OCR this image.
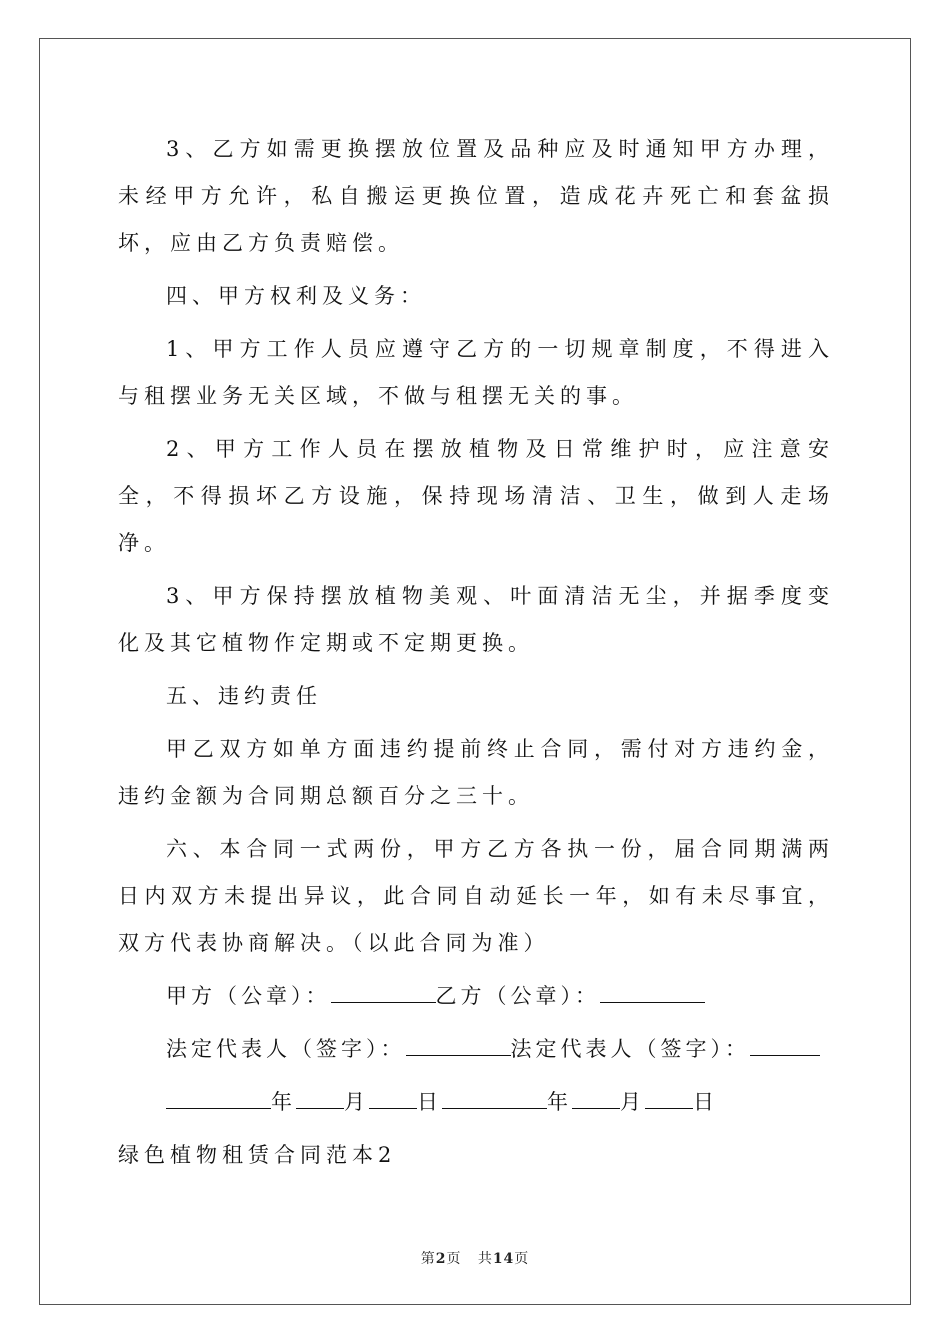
3、乙方如需更换摆放位置及品种应及时通知甲方办理，未经甲方允许，私自搬运更换位置，造成花卉死亡和套盆损坏，应由乙方负责赔偿。

四、甲方权利及义务：

1、甲方工作人员应遵守乙方的一切规章制度，不得进入与租摆业务无关区域，不做与租摆无关的事。

2、甲方工作人员在摆放植物及日常维护时，应注意安全，不得损坏乙方设施，保持现场清洁、卫生，做到人走场净。

3、甲方保持摆放植物美观、叶面清洁无尘，并据季度变化及其它植物作定期或不定期更换。

五、违约责任

甲乙双方如单方面违约提前终止合同，需付对方违约金，违约金额为合同期总额百分之三十。

六、本合同一式两份，甲方乙方各执一份，届合同期满两日内双方未提出异议，此合同自动延长一年，如有未尽事宜，双方代表协商解决。（以此合同为准）

甲方（公章）：	乙方（公章）：

法定代表人（签字）：	法定代表人（签字）：

年 月 日	年 月 日

绿色植物租赁合同范本2

第2页 共14页
